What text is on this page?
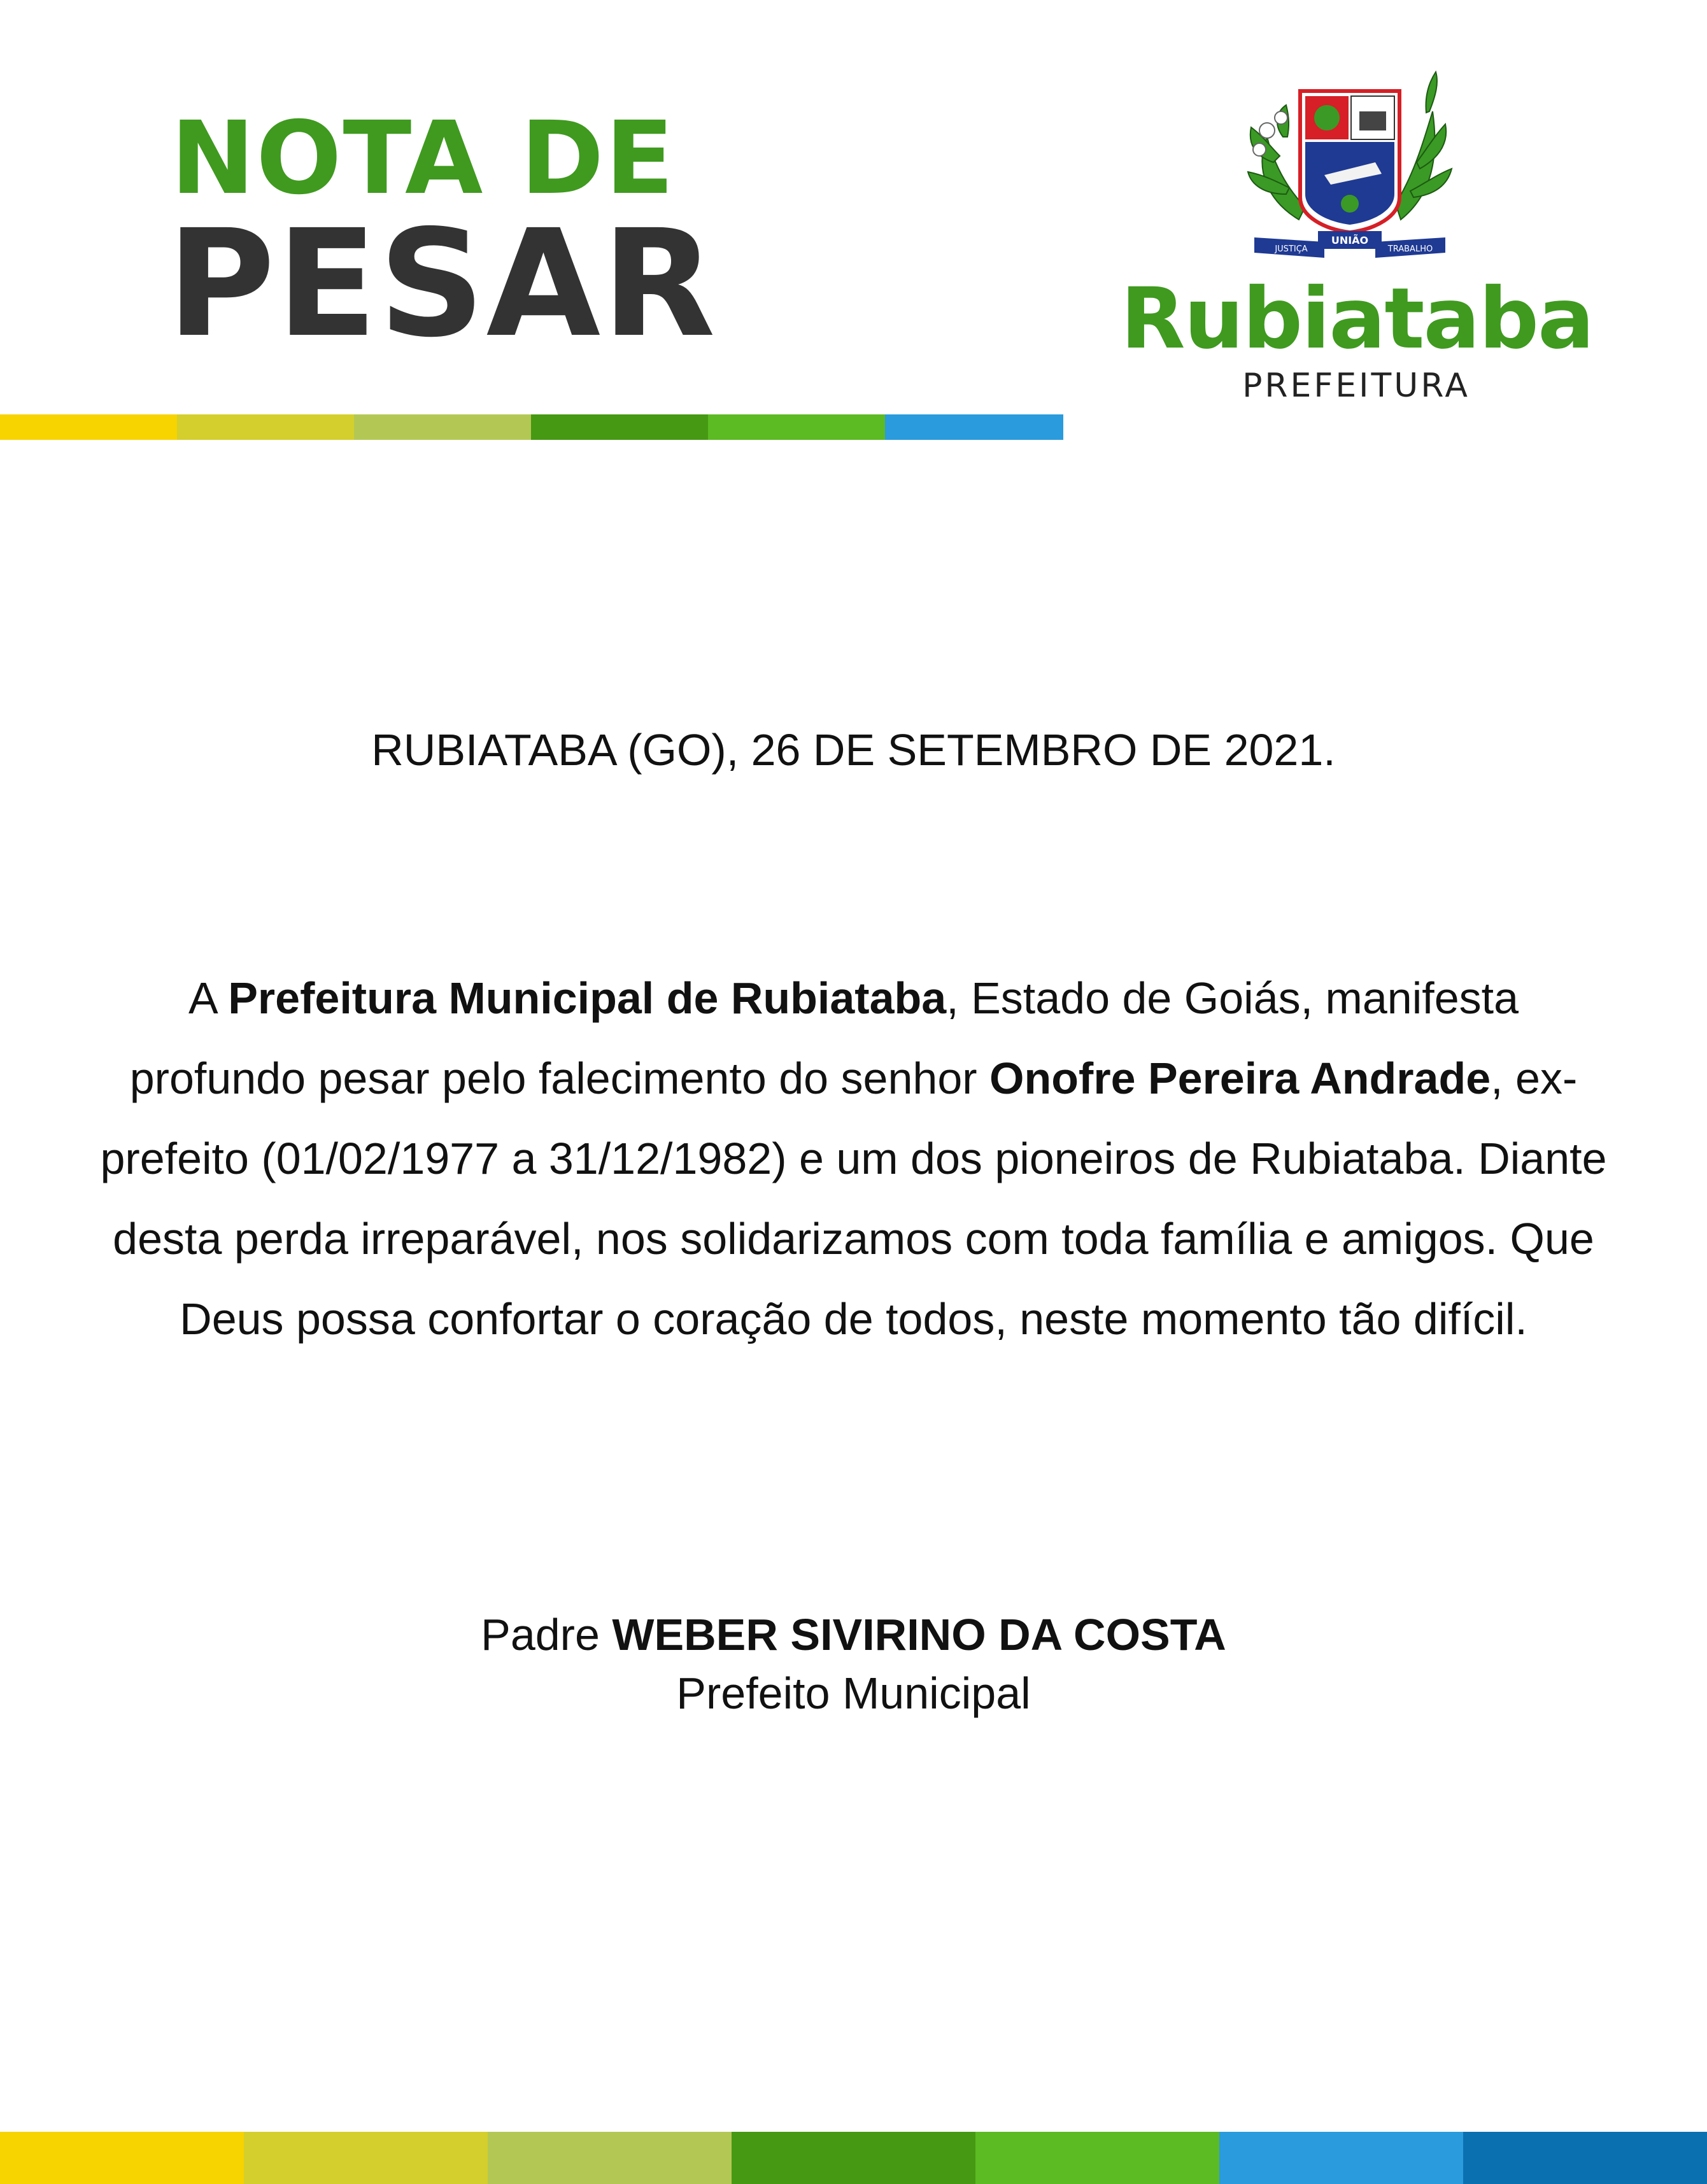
NOTA DE
PESAR	UNIÃO
JUSTIÇA	TRABALHO
Rubiataba
PREFEITURA
RUBIATABA (GO), 26 DE SETEMBRO DE 2021.

A Prefeitura Municipal de Rubiataba, Estado de Goiás, manifesta profundo pesar pelo falecimento do senhor Onofre Pereira Andrade, ex-prefeito (01/02/1977 a 31/12/1982) e um dos pioneiros de Rubiataba. Diante desta perda irreparável, nos solidarizamos com toda família e amigos. Que Deus possa confortar o coração de todos, neste momento tão difícil.

Padre WEBER SIVIRINO DA COSTA
Prefeito Municipal
